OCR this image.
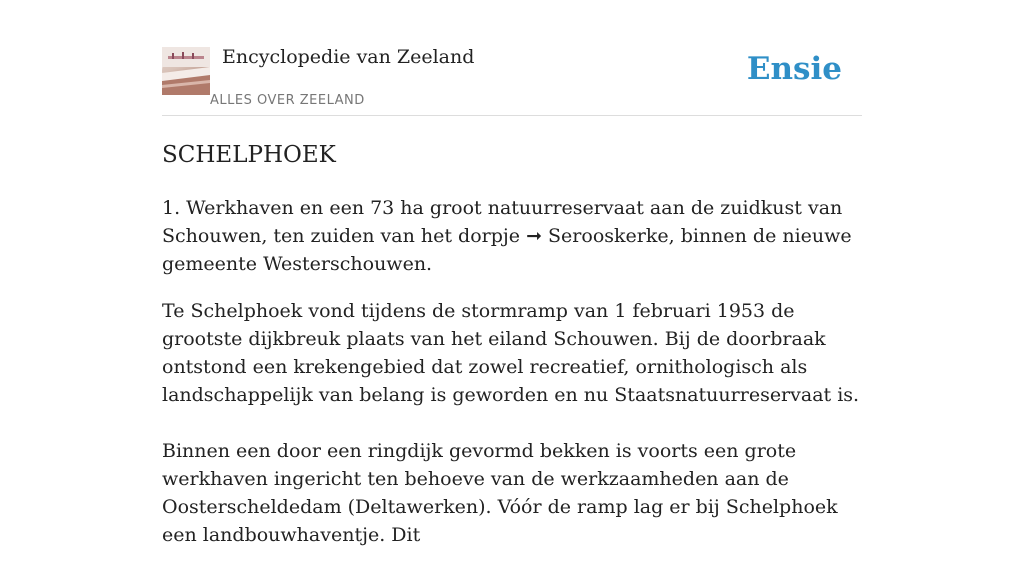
Encyclopedie van Zeeland
ALLES OVER ZEELAND
Ensie
SCHELPHOEK

1. Werkhaven en een 73 ha groot natuurreservaat aan de zuidkust van Schouwen, ten zuiden van het dorpje ➞ Serooskerke, binnen de nieuwe gemeente Westerschouwen.

Te Schelphoek vond tijdens de stormramp van 1 februari 1953 de grootste dijkbreuk plaats van het eiland Schouwen. Bij de doorbraak ontstond een krekengebied dat zowel recreatief, ornithologisch als landschappelijk van belang is geworden en nu Staatsnatuurreservaat is.

Binnen een door een ringdijk gevormd bekken is voorts een grote werkhaven ingericht ten behoeve van de werkzaamheden aan de Oosterscheldedam (Deltawerken). Vóór de ramp lag er bij Schelphoek een landbouwhaventje. Dit
